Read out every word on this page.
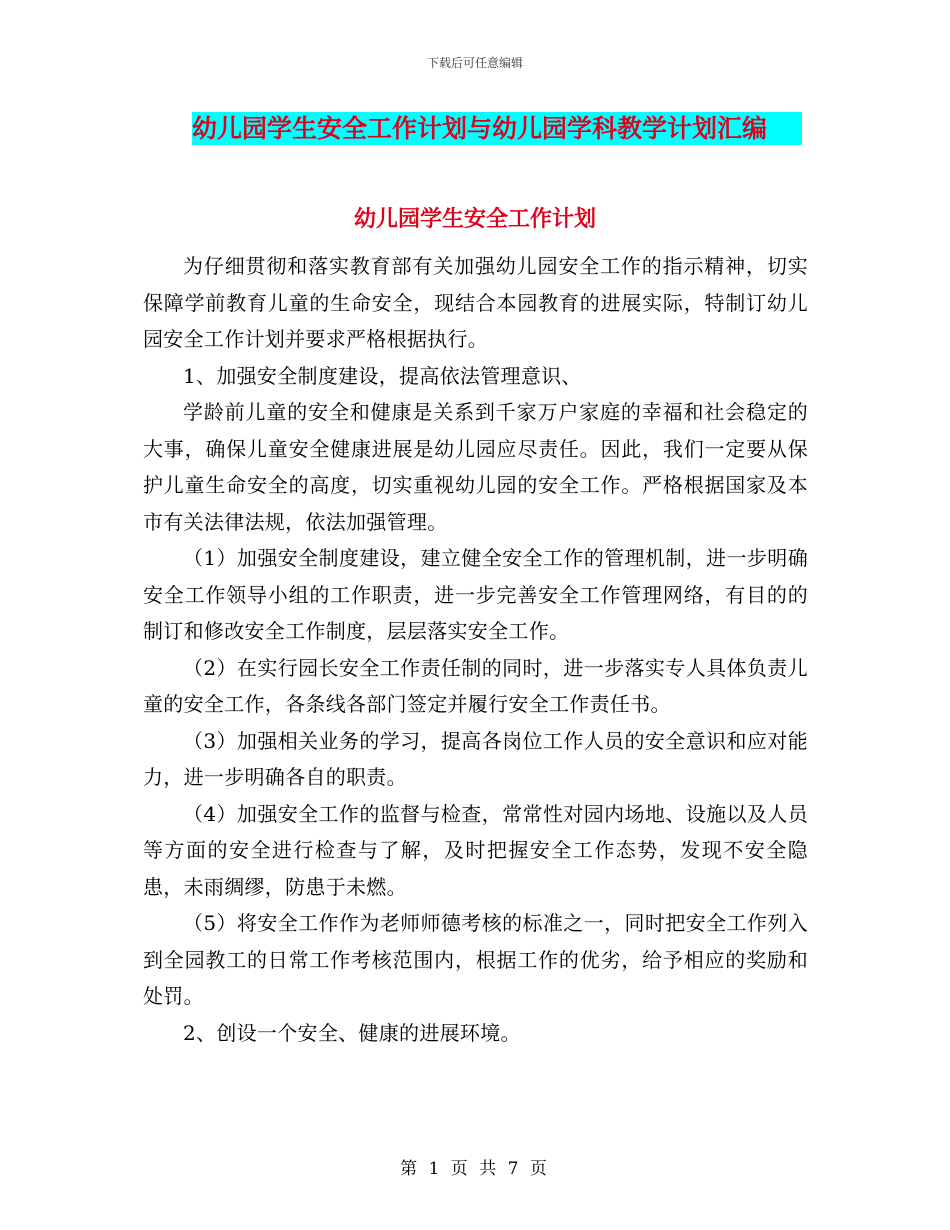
下载后可任意编辑
幼儿园学生安全工作计划与幼儿园学科教学计划汇编
幼儿园学生安全工作计划

为仔细贯彻和落实教育部有关加强幼儿园安全工作的指示精神，切实保障学前教育儿童的生命安全，现结合本园教育的进展实际，特制订幼儿园安全工作计划并要求严格根据执行。

1、加强安全制度建设，提高依法管理意识、

学龄前儿童的安全和健康是关系到千家万户家庭的幸福和社会稳定的大事，确保儿童安全健康进展是幼儿园应尽责任。因此，我们一定要从保护儿童生命安全的高度，切实重视幼儿园的安全工作。严格根据国家及本市有关法律法规，依法加强管理。

（1）加强安全制度建设，建立健全安全工作的管理机制，进一步明确安全工作领导小组的工作职责，进一步完善安全工作管理网络，有目的的制订和修改安全工作制度，层层落实安全工作。

（2）在实行园长安全工作责任制的同时，进一步落实专人具体负责儿童的安全工作，各条线各部门签定并履行安全工作责任书。

（3）加强相关业务的学习，提高各岗位工作人员的安全意识和应对能力，进一步明确各自的职责。

（4）加强安全工作的监督与检查，常常性对园内场地、设施以及人员等方面的安全进行检查与了解，及时把握安全工作态势，发现不安全隐患，未雨绸缪，防患于未燃。

（5）将安全工作作为老师师德考核的标准之一，同时把安全工作列入到全园教工的日常工作考核范围内，根据工作的优劣，给予相应的奖励和处罚。

2、创设一个安全、健康的进展环境。

第 1 页 共 7 页
